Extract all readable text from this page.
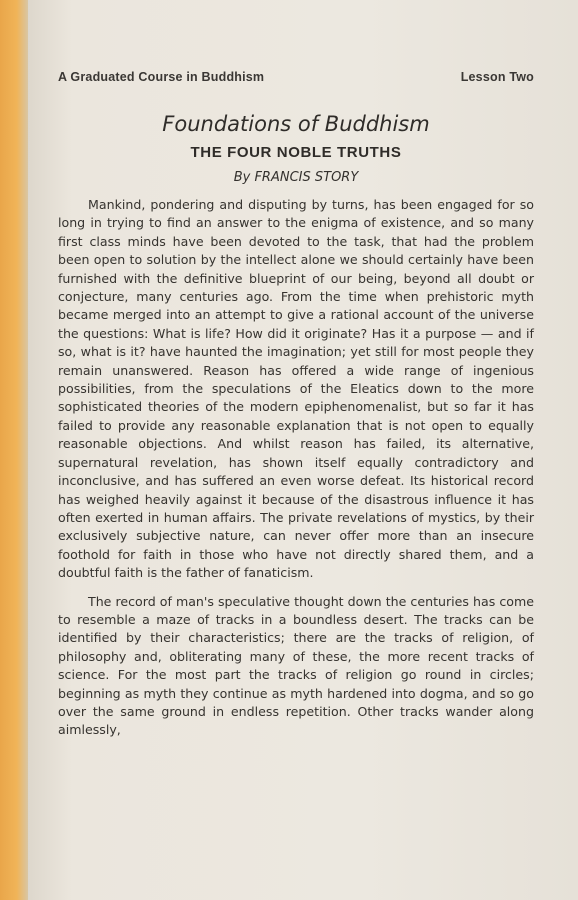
A Graduated Course in Buddhism	Lesson Two
Foundations of Buddhism
THE FOUR NOBLE TRUTHS
By FRANCIS STORY

Mankind, pondering and disputing by turns, has been engaged for so long in trying to find an answer to the enigma of existence, and so many first class minds have been devoted to the task, that had the problem been open to solution by the intellect alone we should certainly have been furnished with the definitive blueprint of our being, beyond all doubt or conjecture, many centuries ago. From the time when prehistoric myth became merged into an attempt to give a rational account of the universe the questions: What is life? How did it originate? Has it a purpose — and if so, what is it? have haunted the imagination; yet still for most people they remain unanswered. Reason has offered a wide range of ingenious possibilities, from the speculations of the Eleatics down to the more sophisticated theories of the modern epiphenomenalist, but so far it has failed to provide any reasonable explanation that is not open to equally reasonable objections. And whilst reason has failed, its alternative, supernatural revelation, has shown itself equally contradictory and inconclusive, and has suffered an even worse defeat. Its historical record has weighed heavily against it because of the disastrous influence it has often exerted in human affairs. The private revelations of mystics, by their exclusively subjective nature, can never offer more than an insecure foothold for faith in those who have not directly shared them, and a doubtful faith is the father of fanaticism.

The record of man's speculative thought down the centuries has come to resemble a maze of tracks in a boundless desert. The tracks can be identified by their characteristics; there are the tracks of religion, of philosophy and, obliterating many of these, the more recent tracks of science. For the most part the tracks of religion go round in circles; beginning as myth they continue as myth hardened into dogma, and so go over the same ground in endless repetition. Other tracks wander along aimlessly,
